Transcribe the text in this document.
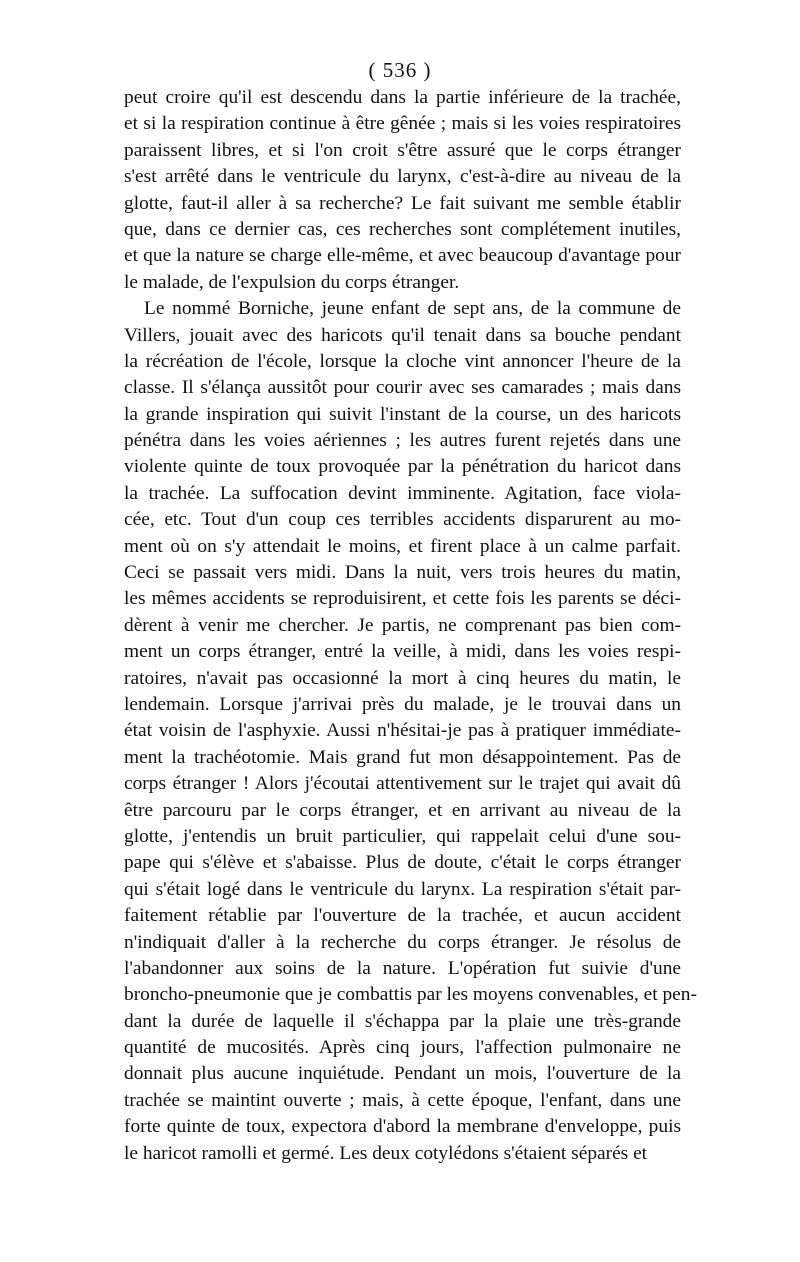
( 536 )
peut croire qu'il est descendu dans la partie inférieure de la trachée,
et si la respiration continue à être gênée ; mais si les voies respiratoires
paraissent libres, et si l'on croit s'être assuré que le corps étranger
s'est arrêté dans le ventricule du larynx, c'est-à-dire au niveau de la
glotte, faut-il aller à sa recherche? Le fait suivant me semble établir
que, dans ce dernier cas, ces recherches sont complétement inutiles,
et que la nature se charge elle-même, et avec beaucoup d'avantage pour
le malade, de l'expulsion du corps étranger.
Le nommé Borniche, jeune enfant de sept ans, de la commune de
Villers, jouait avec des haricots qu'il tenait dans sa bouche pendant
la récréation de l'école, lorsque la cloche vint annoncer l'heure de la
classe. Il s'élança aussitôt pour courir avec ses camarades ; mais dans
la grande inspiration qui suivit l'instant de la course, un des haricots
pénétra dans les voies aériennes ; les autres furent rejetés dans une
violente quinte de toux provoquée par la pénétration du haricot dans
la trachée. La suffocation devint imminente. Agitation, face viola-
cée, etc. Tout d'un coup ces terribles accidents disparurent au mo-
ment où on s'y attendait le moins, et firent place à un calme parfait.
Ceci se passait vers midi. Dans la nuit, vers trois heures du matin,
les mêmes accidents se reproduisirent, et cette fois les parents se déci-
dèrent à venir me chercher. Je partis, ne comprenant pas bien com-
ment un corps étranger, entré la veille, à midi, dans les voies respi-
ratoires, n'avait pas occasionné la mort à cinq heures du matin, le
lendemain. Lorsque j'arrivai près du malade, je le trouvai dans un
état voisin de l'asphyxie. Aussi n'hésitai-je pas à pratiquer immédiate-
ment la trachéotomie. Mais grand fut mon désappointement. Pas de
corps étranger ! Alors j'écoutai attentivement sur le trajet qui avait dû
être parcouru par le corps étranger, et en arrivant au niveau de la
glotte, j'entendis un bruit particulier, qui rappelait celui d'une sou-
pape qui s'élève et s'abaisse. Plus de doute, c'était le corps étranger
qui s'était logé dans le ventricule du larynx. La respiration s'était par-
faitement rétablie par l'ouverture de la trachée, et aucun accident
n'indiquait d'aller à la recherche du corps étranger. Je résolus de
l'abandonner aux soins de la nature. L'opération fut suivie d'une
broncho-pneumonie que je combattis par les moyens convenables, et pen-
dant la durée de laquelle il s'échappa par la plaie une très-grande
quantité de mucosités. Après cinq jours, l'affection pulmonaire ne
donnait plus aucune inquiétude. Pendant un mois, l'ouverture de la
trachée se maintint ouverte ; mais, à cette époque, l'enfant, dans une
forte quinte de toux, expectora d'abord la membrane d'enveloppe, puis
le haricot ramolli et germé. Les deux cotylédons s'étaient séparés et
